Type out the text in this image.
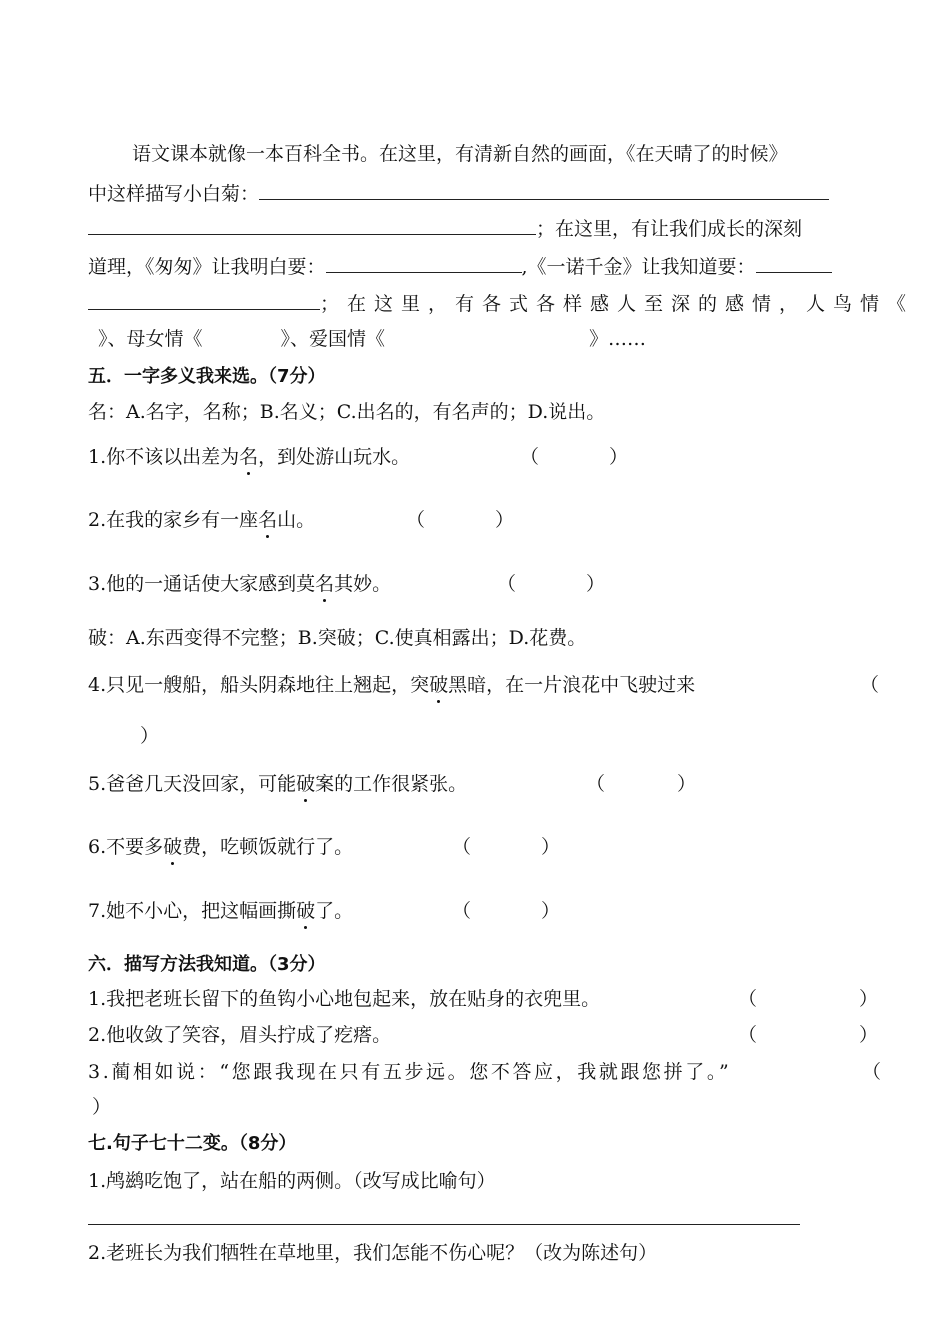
语文课本就像一本百科全书。在这里，有清新自然的画面，《在天晴了的时候》
中这样描写小白菊：
；在这里，有让我们成长的深刻
道理，《匆匆》让我明白要：	,《一诺千金》让我知道要：
；在这里，有各式各样感人至深的感情，人鸟情《
》、母女情《	》、爱国情《	》……
五．一字多义我来选。（7分）
名：A.名字，名称；B.名义；C.出名的，有名声的；D.说出。
1.你不该以出差为名，到处游山玩水。	（	）
2.在我的家乡有一座名山。	（	）
3.他的一通话使大家感到莫名其妙。	（	）
破：A.东西变得不完整；B.突破；C.使真相露出；D.花费。
4.只见一艘船，船头阴森地往上翘起，突破黑暗，在一片浪花中飞驶过来	（
）
5.爸爸几天没回家，可能破案的工作很紧张。	（	）
6.不要多破费，吃顿饭就行了。	（	）
7.她不小心，把这幅画撕破了。	（	）
六．描写方法我知道。（3分）
1.我把老班长留下的鱼钩小心地包起来，放在贴身的衣兜里。	（	）
2.他收敛了笑容，眉头拧成了疙瘩。	（	）
3.蔺相如说：“您跟我现在只有五步远。您不答应，我就跟您拼了。”	（
）
七.句子七十二变。（8分）
1.鸬鹚吃饱了，站在船的两侧。（改写成比喻句）
2.老班长为我们牺牲在草地里，我们怎能不伤心呢？（改为陈述句）
